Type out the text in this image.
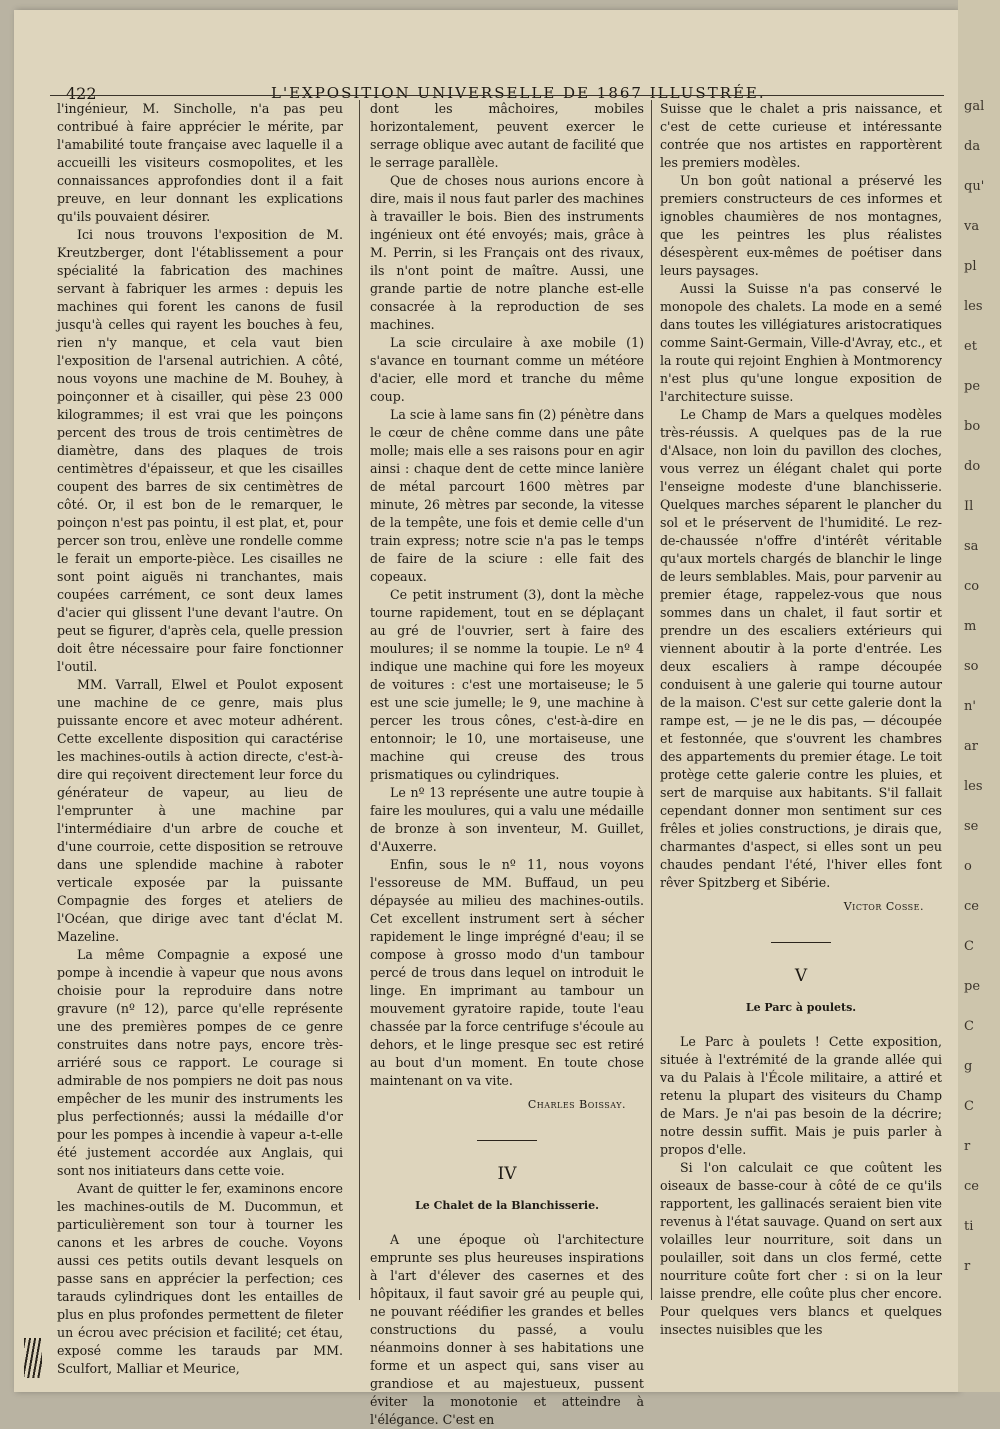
422	L'EXPOSITION UNIVERSELLE DE 1867 ILLUSTRÉE.

l'ingénieur, M. Sincholle, n'a pas peu contribué à faire apprécier le mérite, par l'amabilité toute française avec laquelle il a accueilli les visiteurs cosmopolites, et les connaissances approfondies dont il a fait preuve, en leur donnant les explications qu'ils pouvaient désirer.

Ici nous trouvons l'exposition de M. Kreutzberger, dont l'établissement a pour spécialité la fabrication des machines servant à fabriquer les armes : depuis les machines qui forent les canons de fusil jusqu'à celles qui rayent les bouches à feu, rien n'y manque, et cela vaut bien l'exposition de l'arsenal autrichien. A côté, nous voyons une machine de M. Bouhey, à poinçonner et à cisailler, qui pèse 23 000 kilogrammes; il est vrai que les poinçons percent des trous de trois centimètres de diamètre, dans des plaques de trois centimètres d'épaisseur, et que les cisailles coupent des barres de six centimètres de côté. Or, il est bon de le remarquer, le poinçon n'est pas pointu, il est plat, et, pour percer son trou, enlève une rondelle comme le ferait un emporte-pièce. Les cisailles ne sont point aiguës ni tranchantes, mais coupées carrément, ce sont deux lames d'acier qui glissent l'une devant l'autre. On peut se figurer, d'après cela, quelle pression doit être nécessaire pour faire fonctionner l'outil.

MM. Varrall, Elwel et Poulot exposent une machine de ce genre, mais plus puissante encore et avec moteur adhérent. Cette excellente disposition qui caractérise les machines-outils à action directe, c'est-à-dire qui reçoivent directement leur force du générateur de vapeur, au lieu de l'emprunter à une machine par l'intermédiaire d'un arbre de couche et d'une courroie, cette disposition se retrouve dans une splendide machine à raboter verticale exposée par la puissante Compagnie des forges et ateliers de l'Océan, que dirige avec tant d'éclat M. Mazeline.

La même Compagnie a exposé une pompe à incendie à vapeur que nous avons choisie pour la reproduire dans notre gravure (nº 12), parce qu'elle représente une des premières pompes de ce genre construites dans notre pays, encore très-arriéré sous ce rapport. Le courage si admirable de nos pompiers ne doit pas nous empêcher de les munir des instruments les plus perfectionnés; aussi la médaille d'or pour les pompes à incendie à vapeur a-t-elle été justement accordée aux Anglais, qui sont nos initiateurs dans cette voie.

Avant de quitter le fer, examinons encore les machines-outils de M. Ducommun, et particulièrement son tour à tourner les canons et les arbres de couche. Voyons aussi ces petits outils devant lesquels on passe sans en apprécier la perfection; ces tarauds cylindriques dont les entailles de plus en plus profondes permettent de fileter un écrou avec précision et facilité; cet étau, exposé comme les tarauds par MM. Sculfort, Malliar et Meurice,

dont les mâchoires, mobiles horizontalement, peuvent exercer le serrage oblique avec autant de facilité que le serrage parallèle.

Que de choses nous aurions encore à dire, mais il nous faut parler des machines à travailler le bois. Bien des instruments ingénieux ont été envoyés; mais, grâce à M. Perrin, si les Français ont des rivaux, ils n'ont point de maître. Aussi, une grande partie de notre planche est-elle consacrée à la reproduction de ses machines.

La scie circulaire à axe mobile (1) s'avance en tournant comme un météore d'acier, elle mord et tranche du même coup.

La scie à lame sans fin (2) pénètre dans le cœur de chêne comme dans une pâte molle; mais elle a ses raisons pour en agir ainsi : chaque dent de cette mince lanière de métal parcourt 1600 mètres par minute, 26 mètres par seconde, la vitesse de la tempête, une fois et demie celle d'un train express; notre scie n'a pas le temps de faire de la sciure : elle fait des copeaux.

Ce petit instrument (3), dont la mèche tourne rapidement, tout en se déplaçant au gré de l'ouvrier, sert à faire des moulures; il se nomme la toupie. Le nº 4 indique une machine qui fore les moyeux de voitures : c'est une mortaiseuse; le 5 est une scie jumelle; le 9, une machine à percer les trous cônes, c'est-à-dire en entonnoir; le 10, une mortaiseuse, une machine qui creuse des trous prismatiques ou cylindriques.

Le nº 13 représente une autre toupie à faire les moulures, qui a valu une médaille de bronze à son inventeur, M. Guillet, d'Auxerre.

Enfin, sous le nº 11, nous voyons l'essoreuse de MM. Buffaud, un peu dépaysée au milieu des machines-outils. Cet excellent instrument sert à sécher rapidement le linge imprégné d'eau; il se compose à grosso modo d'un tambour percé de trous dans lequel on introduit le linge. En imprimant au tambour un mouvement gyratoire rapide, toute l'eau chassée par la force centrifuge s'écoule au dehors, et le linge presque sec est retiré au bout d'un moment. En toute chose maintenant on va vite.

Charles Boissay.
IV
Le Chalet de la Blanchisserie.

A une époque où l'architecture emprunte ses plus heureuses inspirations à l'art d'élever des casernes et des hôpitaux, il faut savoir gré au peuple qui, ne pouvant réédifier les grandes et belles constructions du passé, a voulu néanmoins donner à ses habitations une forme et un aspect qui, sans viser au grandiose et au majestueux, pussent éviter la monotonie et atteindre à l'élégance. C'est en

Suisse que le chalet a pris naissance, et c'est de cette curieuse et intéressante contrée que nos artistes en rapportèrent les premiers modèles.

Un bon goût national a préservé les premiers constructeurs de ces informes et ignobles chaumières de nos montagnes, que les peintres les plus réalistes désespèrent eux-mêmes de poétiser dans leurs paysages.

Aussi la Suisse n'a pas conservé le monopole des chalets. La mode en a semé dans toutes les villégiatures aristocratiques comme Saint-Germain, Ville-d'Avray, etc., et la route qui rejoint Enghien à Montmorency n'est plus qu'une longue exposition de l'architecture suisse.

Le Champ de Mars a quelques modèles très-réussis. A quelques pas de la rue d'Alsace, non loin du pavillon des cloches, vous verrez un élégant chalet qui porte l'enseigne modeste d'une blanchisserie. Quelques marches séparent le plancher du sol et le préservent de l'humidité. Le rez-de-chaussée n'offre d'intérêt véritable qu'aux mortels chargés de blanchir le linge de leurs semblables. Mais, pour parvenir au premier étage, rappelez-vous que nous sommes dans un chalet, il faut sortir et prendre un des escaliers extérieurs qui viennent aboutir à la porte d'entrée. Les deux escaliers à rampe découpée conduisent à une galerie qui tourne autour de la maison. C'est sur cette galerie dont la rampe est, — je ne le dis pas, — découpée et festonnée, que s'ouvrent les chambres des appartements du premier étage. Le toit protège cette galerie contre les pluies, et sert de marquise aux habitants. S'il fallait cependant donner mon sentiment sur ces frêles et jolies constructions, je dirais que, charmantes d'aspect, si elles sont un peu chaudes pendant l'été, l'hiver elles font rêver Spitzberg et Sibérie.

Victor Cosse.
V
Le Parc à poulets.

Le Parc à poulets ! Cette exposition, située à l'extrémité de la grande allée qui va du Palais à l'École militaire, a attiré et retenu la plupart des visiteurs du Champ de Mars. Je n'ai pas besoin de la décrire; notre dessin suffit. Mais je puis parler à propos d'elle.

Si l'on calculait ce que coûtent les oiseaux de basse-cour à côté de ce qu'ils rapportent, les gallinacés seraient bien vite revenus à l'état sauvage. Quand on sert aux volailles leur nourriture, soit dans un poulailler, soit dans un clos fermé, cette nourriture coûte fort cher : si on la leur laisse prendre, elle coûte plus cher encore. Pour quelques vers blancs et quelques insectes nuisibles que les

gal
da
qu'
va
pl
les
et
pe
bo
do
Il
sa
co
m
so
n'
ar
les
se
o
ce
C
pe
C
g
C
r
ce
ti
r
